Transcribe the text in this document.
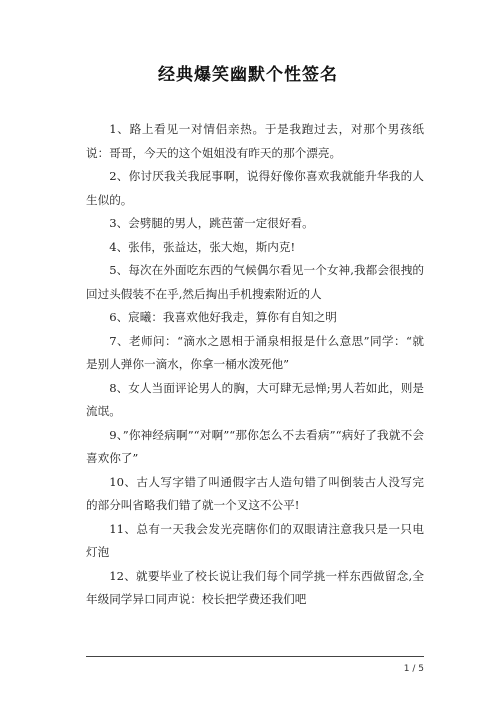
经典爆笑幽默个性签名

1、路上看见一对情侣亲热。于是我跑过去，对那个男孩纸说：哥哥，今天的这个姐姐没有昨天的那个漂亮。

2、你讨厌我关我屁事啊，说得好像你喜欢我就能升华我的人生似的。

3、会劈腿的男人，跳芭蕾一定很好看。

4、张伟，张益达，张大炮，斯内克!

5、每次在外面吃东西的气候偶尔看见一个女神,我都会很拽的回过头假装不在乎,然后掏出手机搜索附近的人

6、宸曦：我喜欢他好我走，算你有自知之明

7、老师问：“滴水之恩相于涌泉相报是什么意思”同学：“就是别人弹你一滴水，你拿一桶水泼死他”

8、女人当面评论男人的胸，大可肆无忌惮;男人若如此，则是流氓。

9、”你神经病啊”“对啊”“那你怎么不去看病”“病好了我就不会喜欢你了”

10、古人写字错了叫通假字古人造句错了叫倒装古人没写完的部分叫省略我们错了就一个叉这不公平!

11、总有一天我会发光亮瞎你们的双眼请注意我只是一只电灯泡

12、就要毕业了校长说让我们每个同学挑一样东西做留念,全年级同学异口同声说：校长把学费还我们吧

1 / 5
